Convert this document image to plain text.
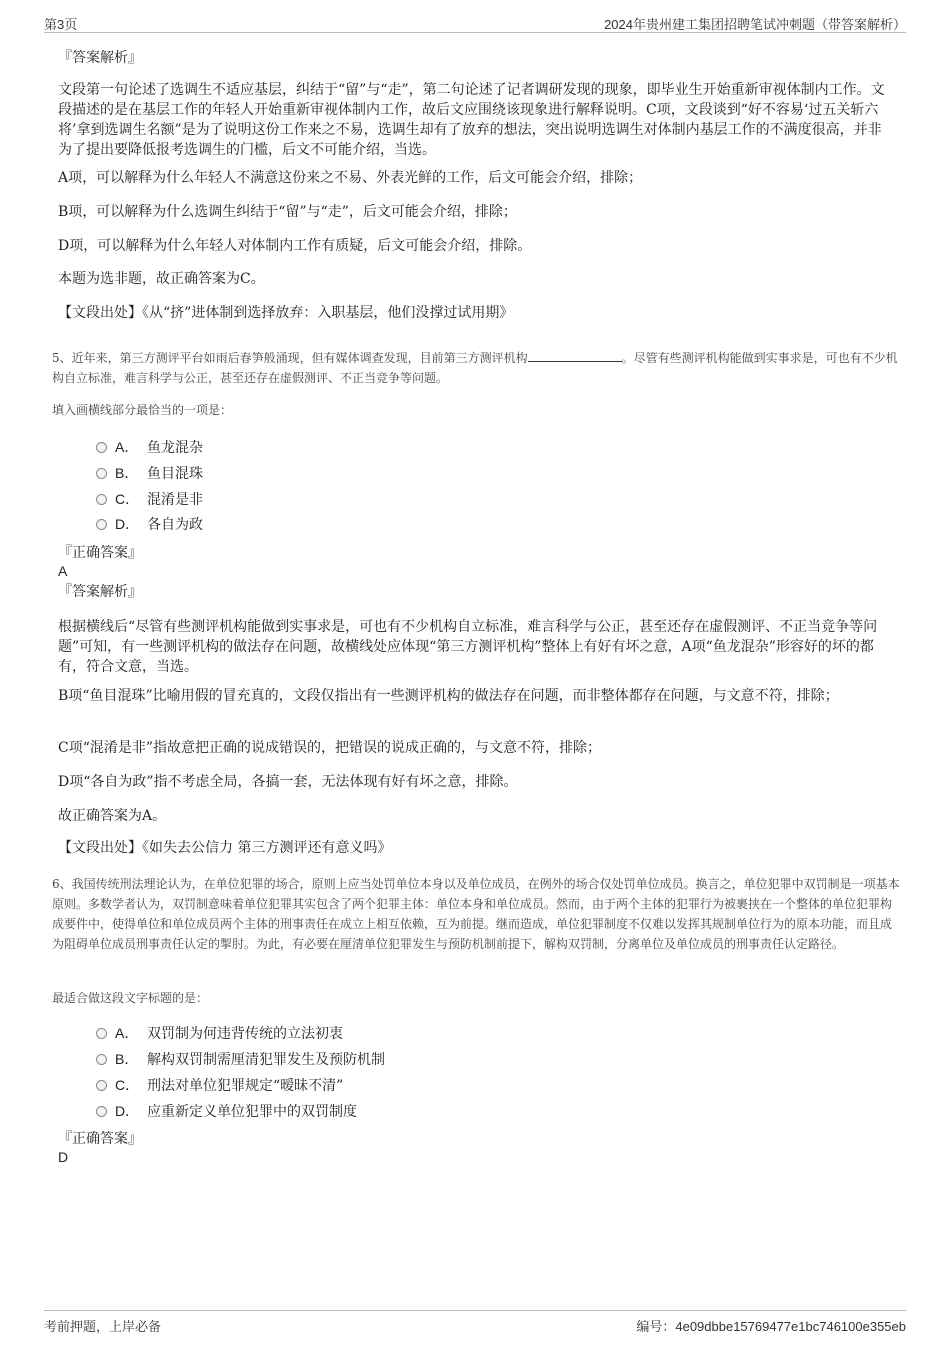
第3页	2024年贵州建工集团招聘笔试冲刺题（带答案解析）
『答案解析』
文段第一句论述了选调生不适应基层，纠结于“留”与“走”，第二句论述了记者调研发现的现象，即毕业生开始重新审视体制内工作。文段描述的是在基层工作的年轻人开始重新审视体制内工作，故后文应围绕该现象进行解释说明。C项，文段谈到“好不容易‘过五关斩六将’拿到选调生名额”是为了说明这份工作来之不易，选调生却有了放弃的想法，突出说明选调生对体制内基层工作的不满度很高，并非为了提出要降低报考选调生的门槛，后文不可能介绍，当选。
A项，可以解释为什么年轻人不满意这份来之不易、外表光鲜的工作，后文可能会介绍，排除；
B项，可以解释为什么选调生纠结于“留”与“走”，后文可能会介绍，排除；
D项，可以解释为什么年轻人对体制内工作有质疑，后文可能会介绍，排除。
本题为选非题，故正确答案为C。
【文段出处】《从“挤”进体制到选择放弃：入职基层，他们没撑过试用期》
5、近年来，第三方测评平台如雨后春笋般涌现，但有媒体调查发现，目前第三方测评机构	。尽管有些测评机构能做到实事求是，可也有不少机构自立标准，难言科学与公正，甚至还存在虚假测评、不正当竞争等问题。
填入画横线部分最恰当的一项是：
A． 鱼龙混杂
B． 鱼目混珠
C． 混淆是非
D． 各自为政
『正确答案』
A
『答案解析』
根据横线后“尽管有些测评机构能做到实事求是，可也有不少机构自立标准，难言科学与公正，甚至还存在虚假测评、不正当竞争等问题”可知，有一些测评机构的做法存在问题，故横线处应体现“第三方测评机构”整体上有好有坏之意，A项“鱼龙混杂”形容好的坏的都有，符合文意，当选。
B项“鱼目混珠”比喻用假的冒充真的，文段仅指出有一些测评机构的做法存在问题，而非整体都存在问题，与文意不符，排除；
C项“混淆是非”指故意把正确的说成错误的，把错误的说成正确的，与文意不符，排除；
D项“各自为政”指不考虑全局，各搞一套，无法体现有好有坏之意，排除。
故正确答案为A。
【文段出处】《如失去公信力 第三方测评还有意义吗》
6、我国传统刑法理论认为，在单位犯罪的场合，原则上应当处罚单位本身以及单位成员，在例外的场合仅处罚单位成员。换言之，单位犯罪中双罚制是一项基本原则。多数学者认为，双罚制意味着单位犯罪其实包含了两个犯罪主体：单位本身和单位成员。然而，由于两个主体的犯罪行为被裹挟在一个整体的单位犯罪构成要件中，使得单位和单位成员两个主体的刑事责任在成立上相互依赖，互为前提。继而造成，单位犯罪制度不仅难以发挥其规制单位行为的原本功能，而且成为阻碍单位成员刑事责任认定的掣肘。为此，有必要在厘清单位犯罪发生与预防机制前提下，解构双罚制，分离单位及单位成员的刑事责任认定路径。
最适合做这段文字标题的是：
A． 双罚制为何违背传统的立法初衷
B． 解构双罚制需厘清犯罪发生及预防机制
C． 刑法对单位犯罪规定“暧昧不清”
D． 应重新定义单位犯罪中的双罚制度
『正确答案』
D
考前押题，上岸必备	编号：4e09dbbe15769477e1bc746100e355eb
